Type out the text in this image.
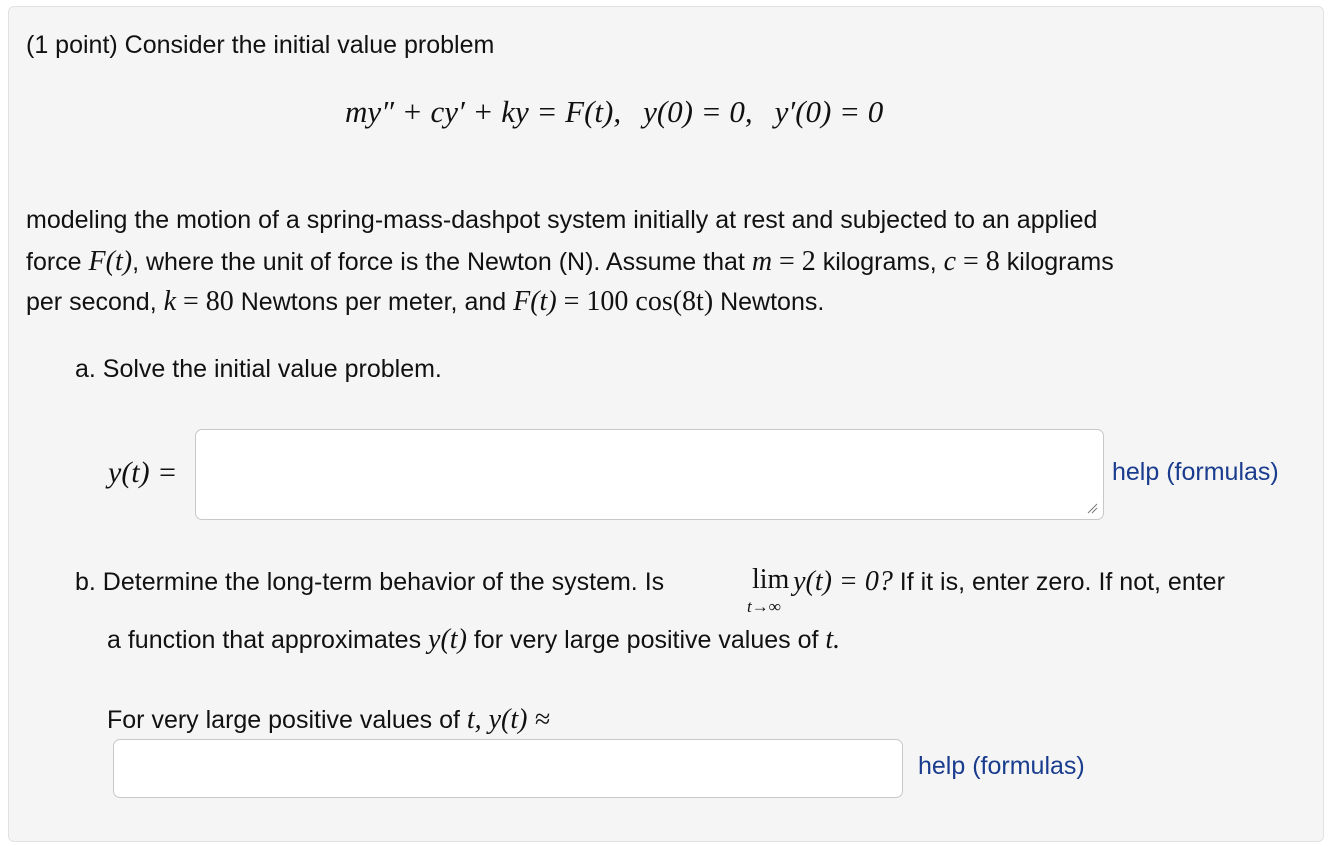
(1 point) Consider the initial value problem
my″ + cy′ + ky = F(t), y(0) = 0, y′(0) = 0
modeling the motion of a spring-mass-dashpot system initially at rest and subjected to an applied
force F(t), where the unit of force is the Newton (N). Assume that m = 2 kilograms, c = 8 kilograms
per second, k = 80 Newtons per meter, and F(t) = 100 cos(8t) Newtons.
a. Solve the initial value problem.
y(t) =	help (formulas)
b. Determine the long-term behavior of the system. Is	y(t) = 0? If it is, enter zero. If not, enter
lim
t→∞
a function that approximates y(t) for very large positive values of t.
For very large positive values of t, y(t) ≈
help (formulas)
